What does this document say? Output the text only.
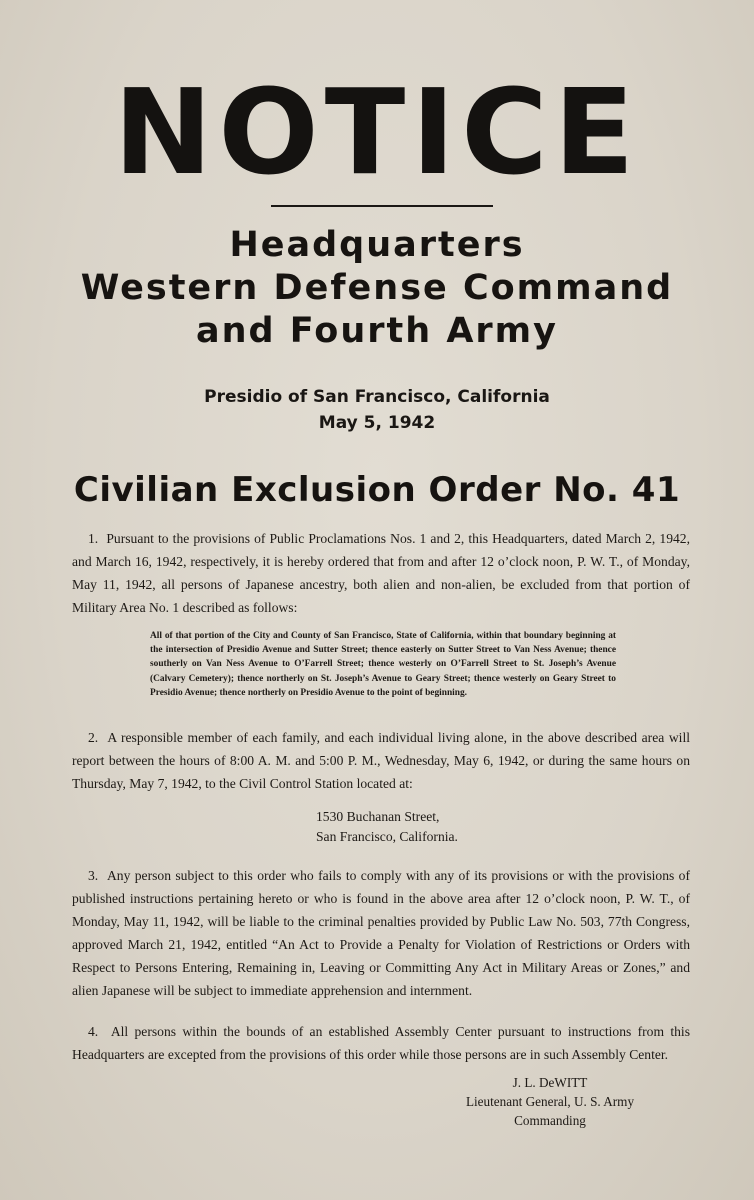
NOTICE
Headquarters
Western Defense Command
and Fourth Army
Presidio of San Francisco, California
May 5, 1942
Civilian Exclusion Order No. 41
1. Pursuant to the provisions of Public Proclamations Nos. 1 and 2, this Headquarters, dated March 2, 1942, and March 16, 1942, respectively, it is hereby ordered that from and after 12 o’clock noon, P. W. T., of Monday, May 11, 1942, all persons of Japanese ancestry, both alien and non-alien, be excluded from that portion of Military Area No. 1 described as follows:
All of that portion of the City and County of San Francisco, State of California, within that boundary beginning at the intersection of Presidio Avenue and Sutter Street; thence easterly on Sutter Street to Van Ness Avenue; thence southerly on Van Ness Avenue to O’Farrell Street; thence westerly on O’Farrell Street to St. Joseph’s Avenue (Calvary Cemetery); thence northerly on St. Joseph’s Avenue to Geary Street; thence westerly on Geary Street to Presidio Avenue; thence northerly on Presidio Avenue to the point of beginning.
2. A responsible member of each family, and each individual living alone, in the above described area will report between the hours of 8:00 A. M. and 5:00 P. M., Wednesday, May 6, 1942, or during the same hours on Thursday, May 7, 1942, to the Civil Control Station located at:
1530 Buchanan Street,
San Francisco, California.
3. Any person subject to this order who fails to comply with any of its provisions or with the provisions of published instructions pertaining hereto or who is found in the above area after 12 o’clock noon, P. W. T., of Monday, May 11, 1942, will be liable to the criminal penalties provided by Public Law No. 503, 77th Congress, approved March 21, 1942, entitled “An Act to Provide a Penalty for Violation of Restrictions or Orders with Respect to Persons Entering, Remaining in, Leaving or Committing Any Act in Military Areas or Zones,” and alien Japanese will be subject to immediate apprehension and internment.
4. All persons within the bounds of an established Assembly Center pursuant to instructions from this Headquarters are excepted from the provisions of this order while those persons are in such Assembly Center.
J. L. DeWITT
Lieutenant General, U. S. Army
Commanding
